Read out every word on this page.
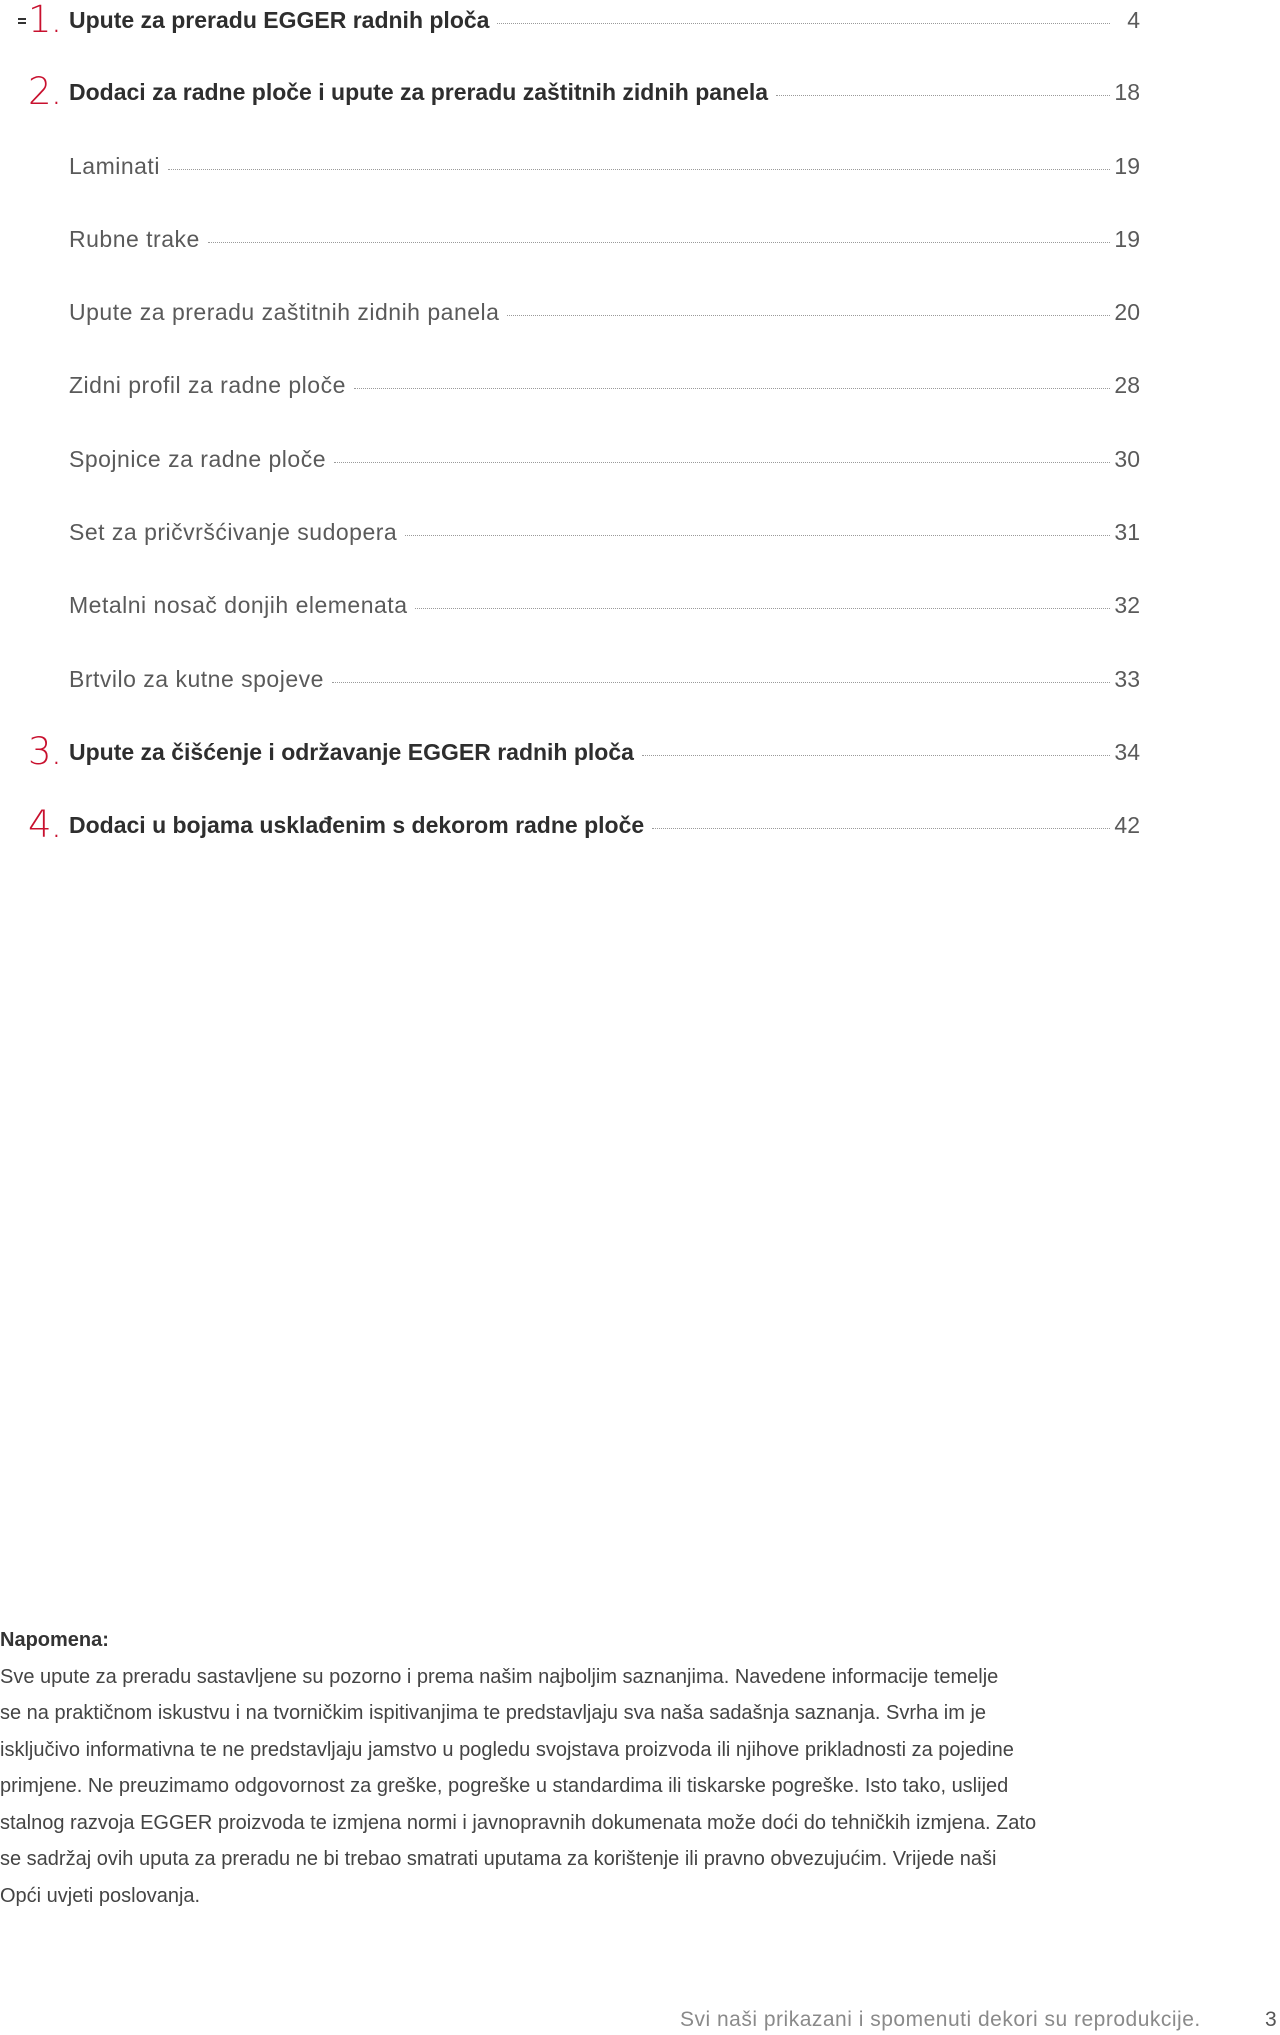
1. Upute za preradu EGGER radnih ploča	4
2. Dodaci za radne ploče i upute za preradu zaštitnih zidnih panela	18
Laminati	19
Rubne trake	19
Upute za preradu zaštitnih zidnih panela	20
Zidni profil za radne ploče	28
Spojnice za radne ploče	30
Set za pričvršćivanje sudopera	31
Metalni nosač donjih elemenata	32
Brtvilo za kutne spojeve	33
3. Upute za čišćenje i održavanje EGGER radnih ploča	34
4. Dodaci u bojama usklađenim s dekorom radne ploče	42

Napomena:

Sve upute za preradu sastavljene su pozorno i prema našim najboljim saznanjima. Navedene informacije temelje
se na praktičnom iskustvu i na tvorničkim ispitivanjima te predstavljaju sva naša sadašnja saznanja. Svrha im je
isključivo informativna te ne predstavljaju jamstvo u pogledu svojstava proizvoda ili njihove prikladnosti za pojedine
primjene. Ne preuzimamo odgovornost za greške, pogreške u standardima ili tiskarske pogreške. Isto tako, uslijed
stalnog razvoja EGGER proizvoda te izmjena normi i javnopravnih dokumenata može doći do tehničkih izmjena. Zato
se sadržaj ovih uputa za preradu ne bi trebao smatrati uputama za korištenje ili pravno obvezujućim. Vrijede naši
Opći uvjeti poslovanja.

Svi naši prikazani i spomenuti dekori su reprodukcije.	3
